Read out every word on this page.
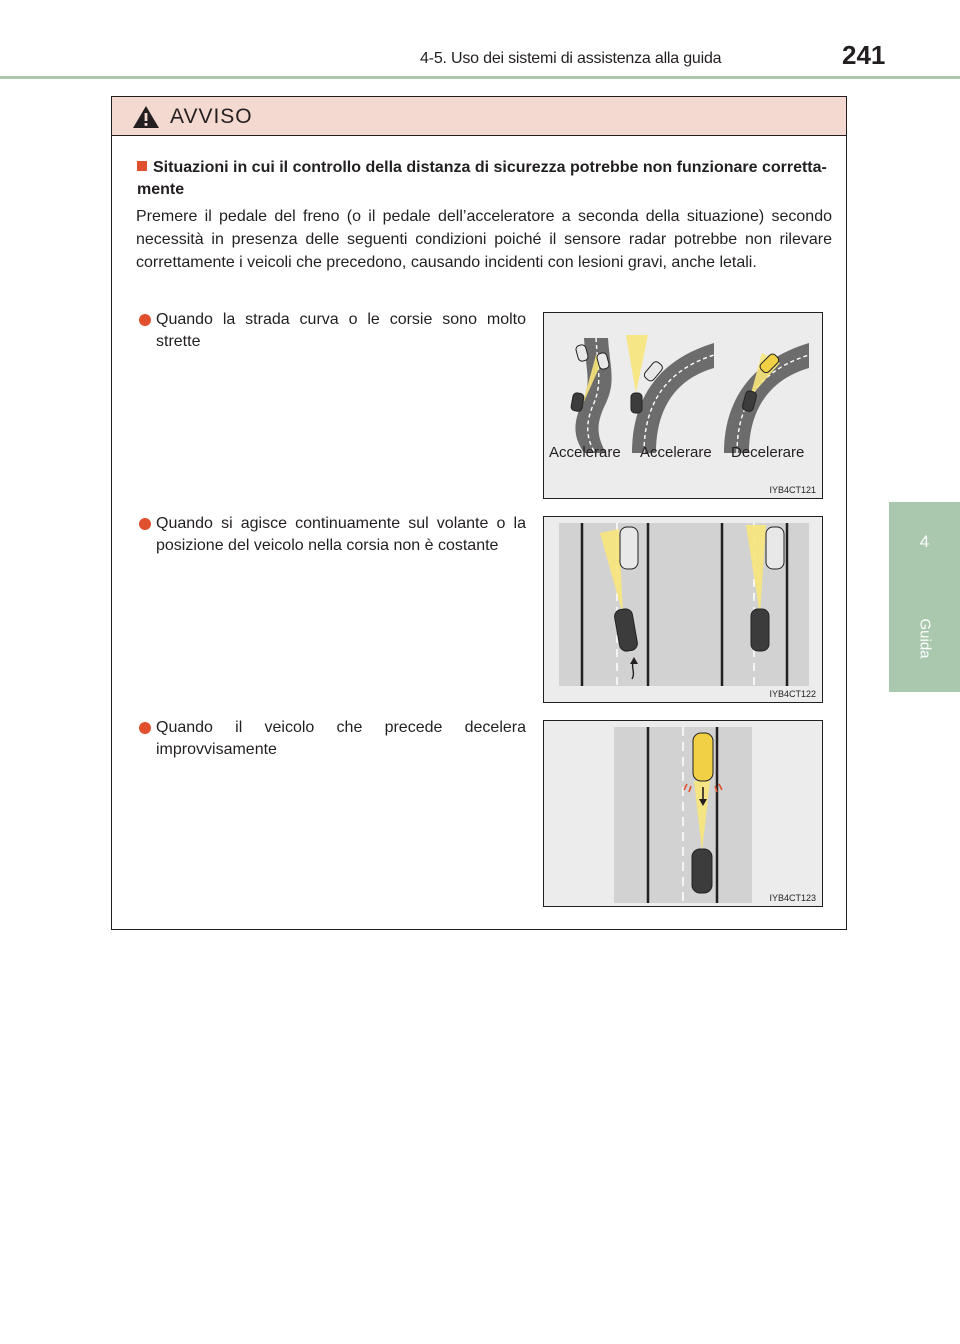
4-5. Uso dei sistemi di assistenza alla guida	241
4
Guida
AVVISO
Situazioni in cui il controllo della distanza di sicurezza potrebbe non funzionare corretta-mente
Premere il pedale del freno (o il pedale dell’acceleratore a seconda della situazione) secondo necessità in presenza delle seguenti condizioni poiché il sensore radar potrebbe non rilevare correttamente i veicoli che precedono, causando incidenti con lesioni gravi, anche letali.
Quando la strada curva o le corsie sono molto strette
Accelerare Accelerare Decelerare
IYB4CT121
Quando si agisce continuamente sul volante o la posizione del veicolo nella corsia non è costante
IYB4CT122
Quando il veicolo che precede decelera improvvisamente
IYB4CT123
